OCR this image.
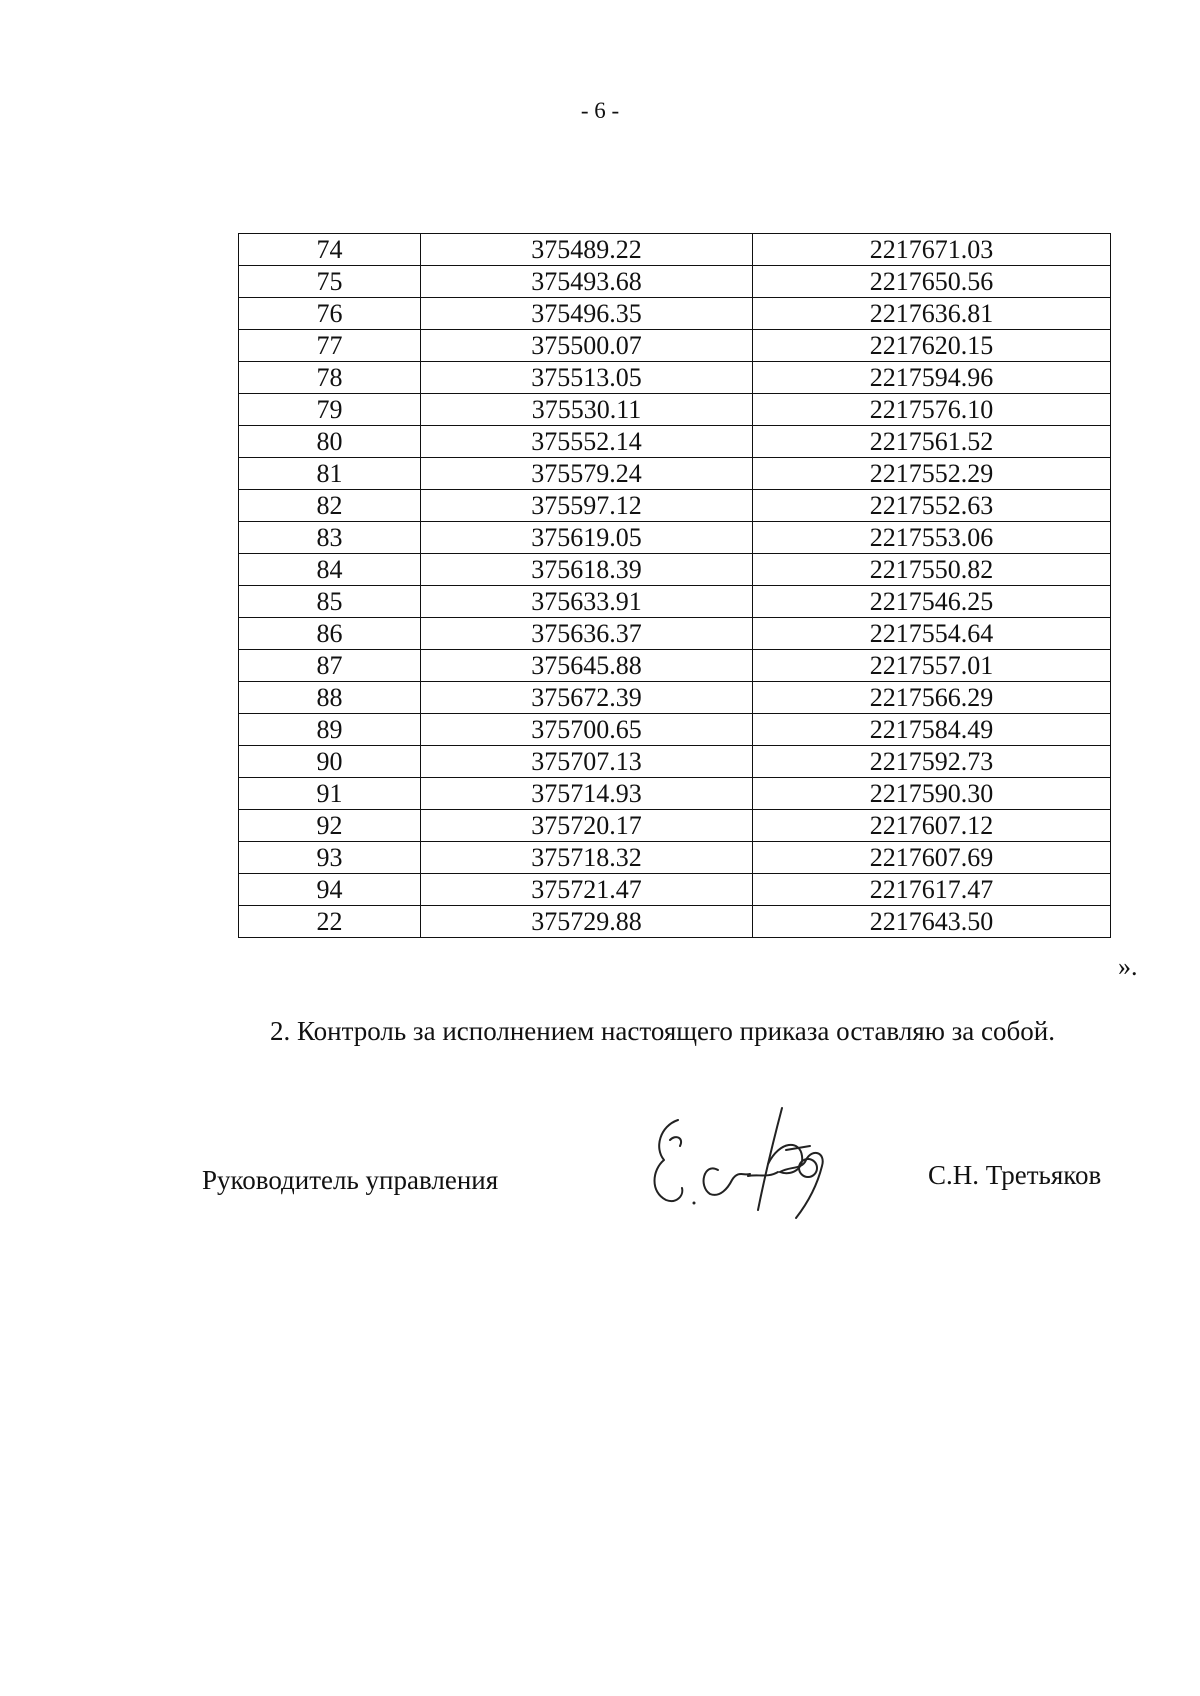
- 6 -
74	375489.22	2217671.03
75	375493.68	2217650.56
76	375496.35	2217636.81
77	375500.07	2217620.15
78	375513.05	2217594.96
79	375530.11	2217576.10
80	375552.14	2217561.52
81	375579.24	2217552.29
82	375597.12	2217552.63
83	375619.05	2217553.06
84	375618.39	2217550.82
85	375633.91	2217546.25
86	375636.37	2217554.64
87	375645.88	2217557.01
88	375672.39	2217566.29
89	375700.65	2217584.49
90	375707.13	2217592.73
91	375714.93	2217590.30
92	375720.17	2217607.12
93	375718.32	2217607.69
94	375721.47	2217617.47
22	375729.88	2217643.50
».
2. Контроль за исполнением настоящего приказа оставляю за собой.
Руководитель управления	С.Н. Третьяков
